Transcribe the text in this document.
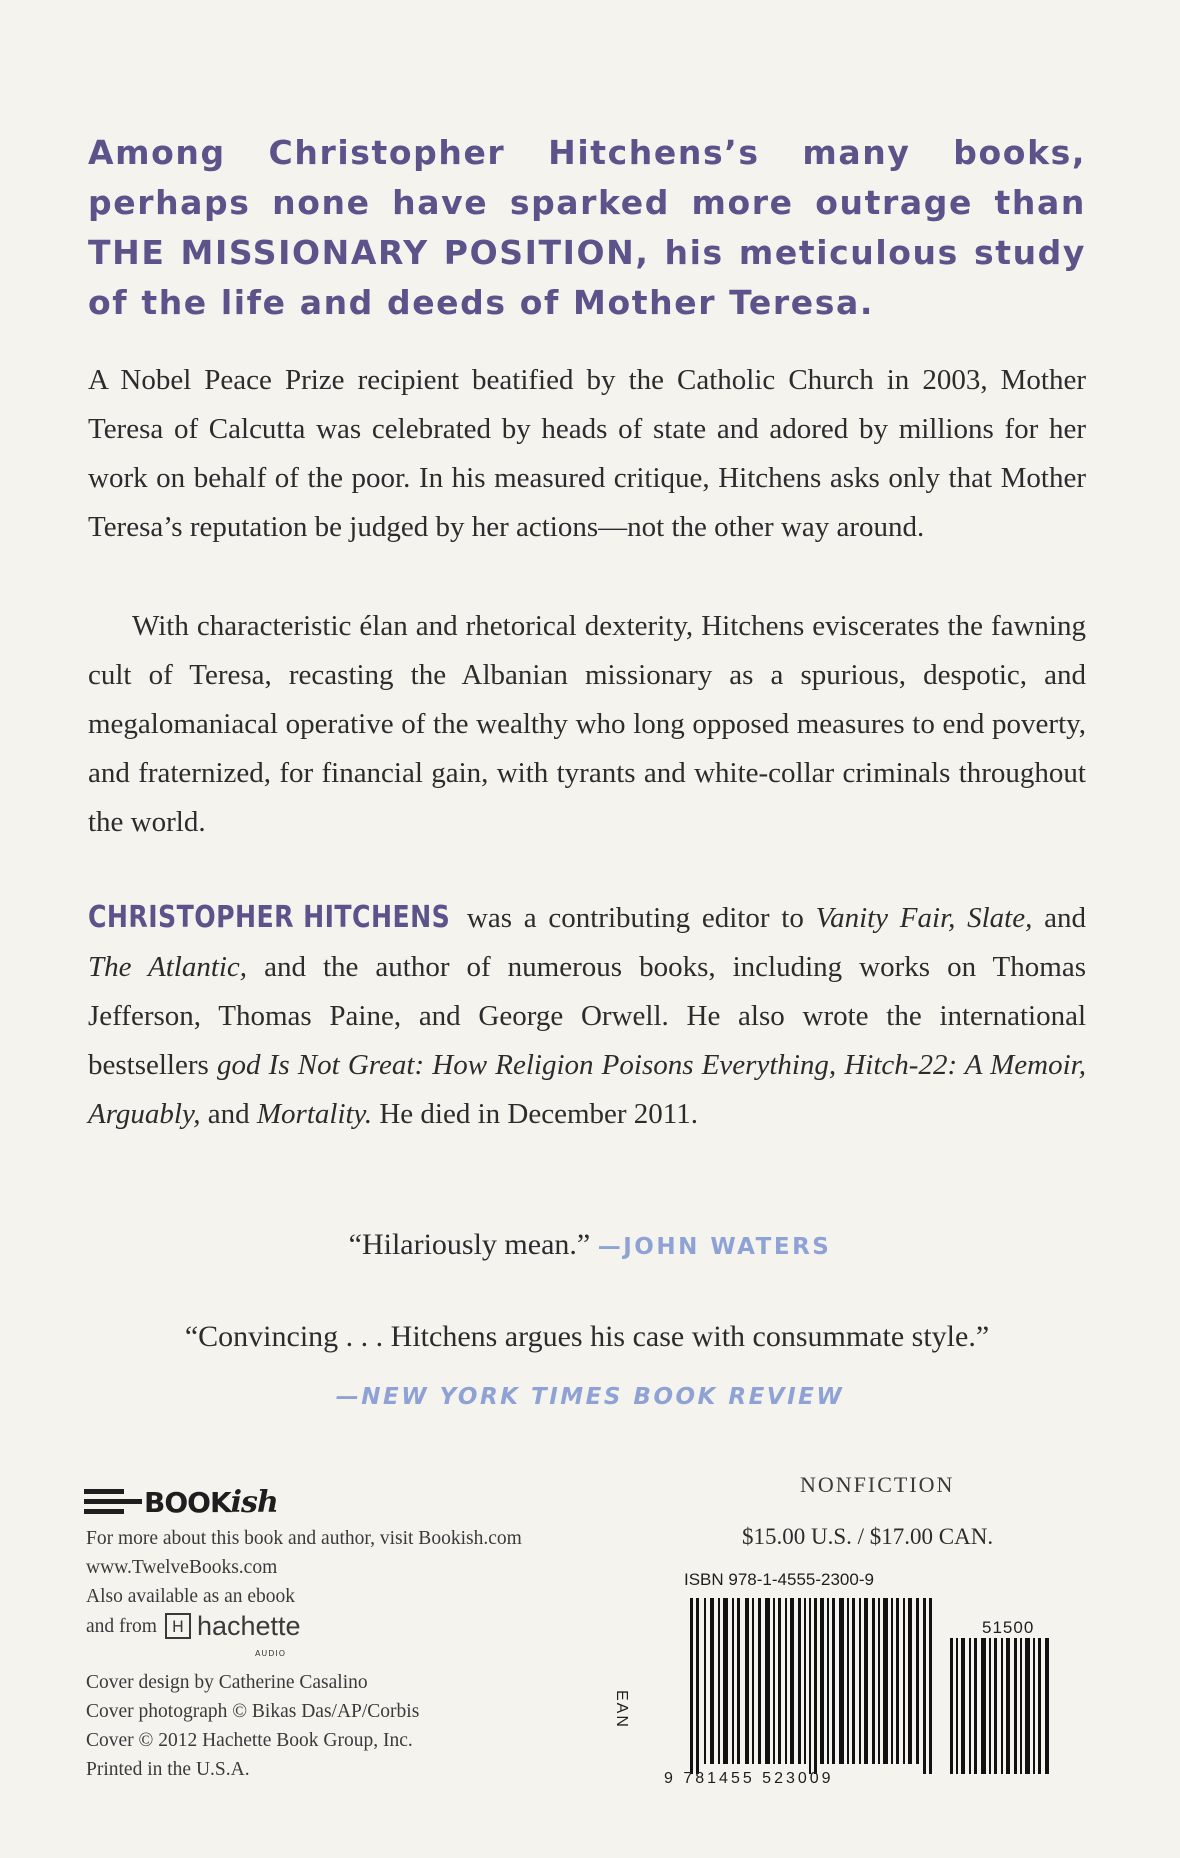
Among Christopher Hitchens’s many books, perhaps none have sparked more outrage than THE MISSIONARY POSITION, his meticulous study of the life and deeds of Mother Teresa.

A Nobel Peace Prize recipient beatified by the Catholic Church in 2003, Mother Teresa of Calcutta was celebrated by heads of state and adored by millions for her work on behalf of the poor. In his measured critique, Hitchens asks only that Mother Teresa’s reputation be judged by her actions—not the other way around.

With characteristic élan and rhetorical dexterity, Hitchens eviscerates the fawning cult of Teresa, recasting the Albanian missionary as a spurious, despotic, and megalomaniacal operative of the wealthy who long opposed measures to end poverty, and fraternized, for financial gain, with tyrants and white-collar criminals throughout the world.

CHRISTOPHER HITCHENS was a contributing editor to Vanity Fair, Slate, and The Atlantic, and the author of numerous books, including works on Thomas Jefferson, Thomas Paine, and George Orwell. He also wrote the international bestsellers god Is Not Great: How Religion Poisons Everything, Hitch-22: A Memoir, Arguably, and Mortality. He died in December 2011.

“Hilariously mean.” —JOHN WATERS
“Convincing . . . Hitchens argues his case with consummate style.”
—NEW YORK TIMES BOOK REVIEW
BOOKish
For more about this book and author, visit Bookish.com
www.TwelveBooks.com
Also available as an ebook
and from H hachette
AUDIO
Cover design by Catherine Casalino
Cover photograph © Bikas Das/AP/Corbis
Cover © 2012 Hachette Book Group, Inc.
Printed in the U.S.A.
NONFICTION
$15.00 U.S. / $17.00 CAN.
ISBN 978-1-4555-2300-9
EAN
51500
9 781455 523009
